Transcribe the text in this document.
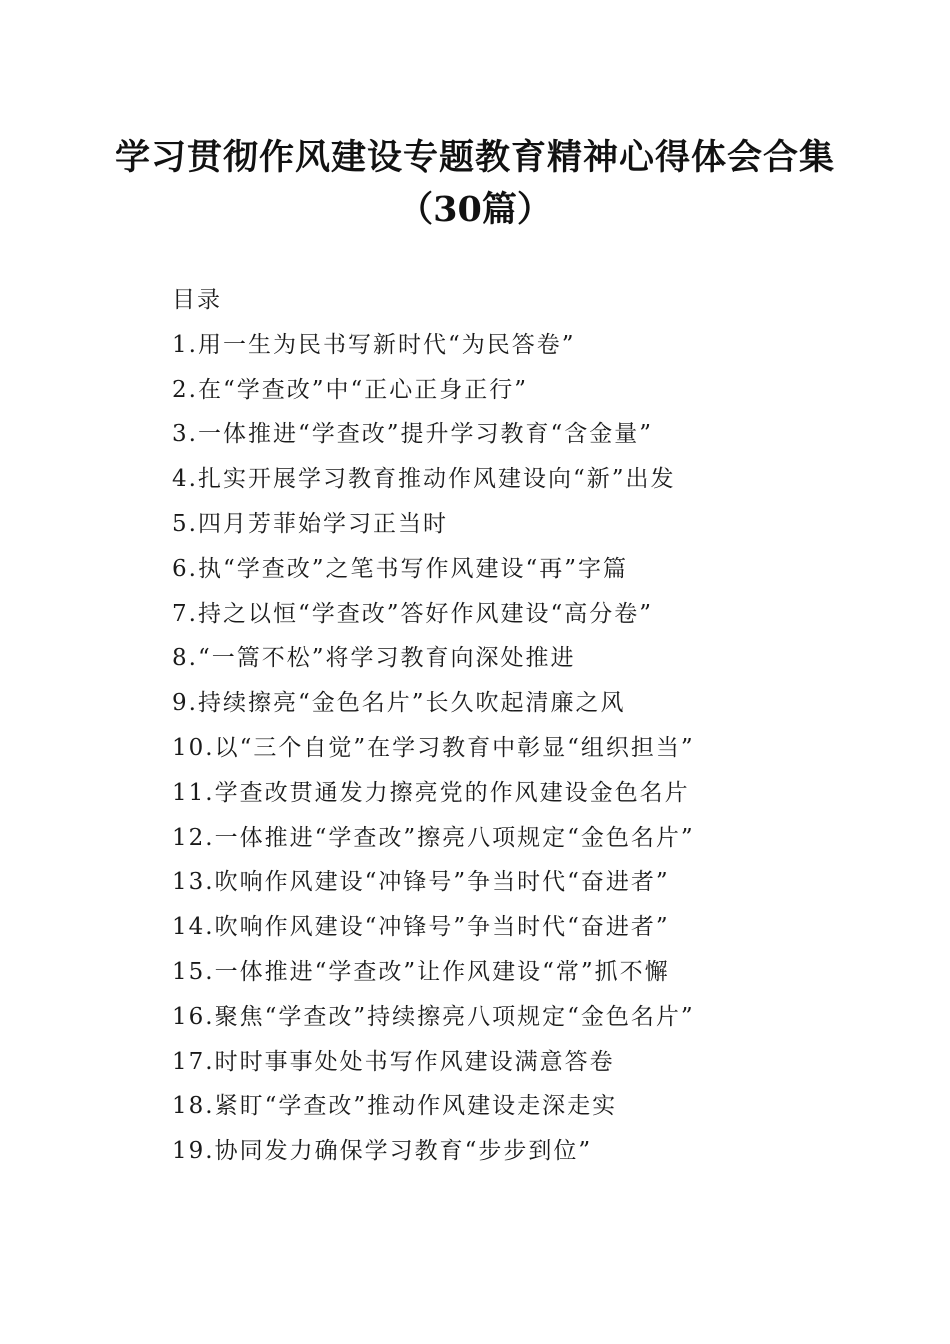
学习贯彻作风建设专题教育精神心得体会合集
（30篇）

目录

1.用一生为民书写新时代“为民答卷”
2.在“学查改”中“正心正身正行”
3.一体推进“学查改”提升学习教育“含金量”
4.扎实开展学习教育推动作风建设向“新”出发
5.四月芳菲始学习正当时
6.执“学查改”之笔书写作风建设“再”字篇
7.持之以恒“学查改”答好作风建设“高分卷”
8.“一篙不松”将学习教育向深处推进
9.持续擦亮“金色名片”长久吹起清廉之风
10.以“三个自觉”在学习教育中彰显“组织担当”
11.学查改贯通发力擦亮党的作风建设金色名片
12.一体推进“学查改”擦亮八项规定“金色名片”
13.吹响作风建设“冲锋号”争当时代“奋进者”
14.吹响作风建设“冲锋号”争当时代“奋进者”
15.一体推进“学查改”让作风建设“常”抓不懈
16.聚焦“学查改”持续擦亮八项规定“金色名片”
17.时时事事处处书写作风建设满意答卷
18.紧盯“学查改”推动作风建设走深走实
19.协同发力确保学习教育“步步到位”
